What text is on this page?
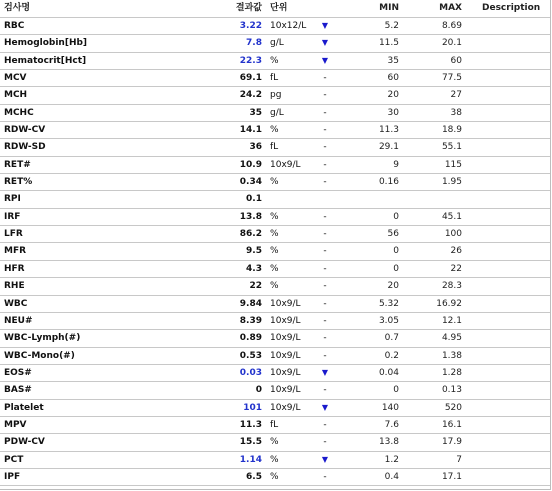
검사명	결과값 단위	MIN	MAX Description
RBC	3.22 10x12/L	▼	5.2	8.69
Hemoglobin[Hb]	7.8 g/L	▼	11.5	20.1
Hematocrit[Hct]	22.3 %	▼	35	60
MCV	69.1 fL	-	60	77.5
MCH	24.2 pg	-	20	27
MCHC	35 g/L	-	30	38
RDW-CV	14.1 %	-	11.3	18.9
RDW-SD	36 fL	-	29.1	55.1
RET#	10.9 10x9/L	-	9	115
RET%	0.34 %	-	0.16	1.95
RPI	0.1
IRF	13.8 %	-	0	45.1
LFR	86.2 %	-	56	100
MFR	9.5 %	-	0	26
HFR	4.3 %	-	0	22
RHE	22 %	-	20	28.3
WBC	9.84 10x9/L	-	5.32	16.92
NEU#	8.39 10x9/L	-	3.05	12.1
WBC-Lymph(#)	0.89 10x9/L	-	0.7	4.95
WBC-Mono(#)	0.53 10x9/L	-	0.2	1.38
EOS#	0.03 10x9/L	▼	0.04	1.28
BAS#	0 10x9/L	-	0	0.13
Platelet	101 10x9/L	▼	140	520
MPV	11.3 fL	-	7.6	16.1
PDW-CV	15.5 %	-	13.8	17.9
PCT	1.14 %	▼	1.2	7
IPF	6.5 %	-	0.4	17.1
